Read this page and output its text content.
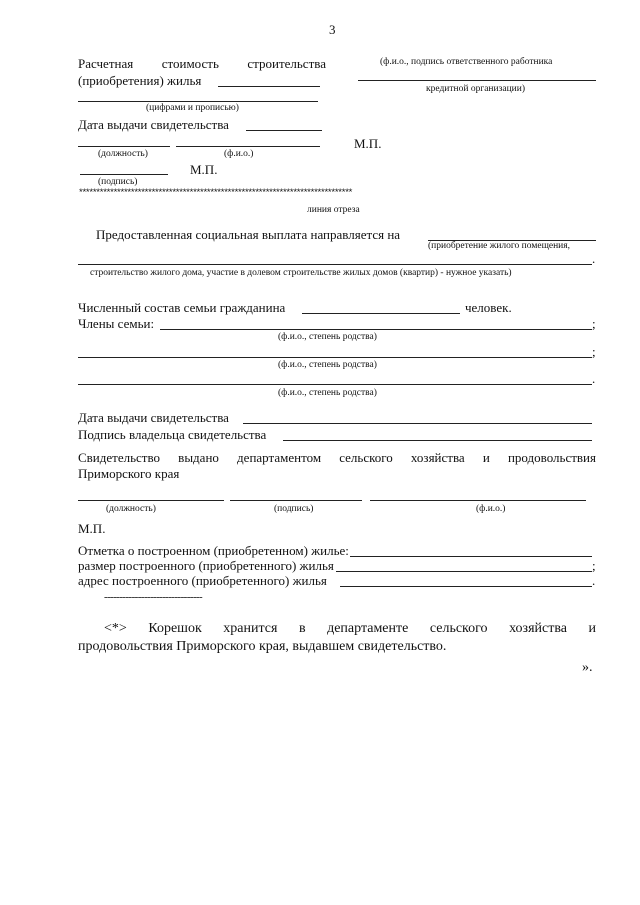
3
Расчетная стоимость строительства
(приобретения) жилья
(цифрами и прописью)
Дата выдачи свидетельства
(должность)	(ф.и.о.)
М.П.
(подпись)
(ф.и.о., подпись ответственного работника
кредитной организации)
М.П.
*******************************************************************************
линия отреза
Предоставленная социальная выплата направляется на
(приобретение жилого помещения,
.
строительство жилого дома, участие в долевом строительстве жилых домов (квартир) - нужное указать)
Численный состав семьи гражданина	человек.
Члены семьи:	;
(ф.и.о., степень родства)
;
(ф.и.о., степень родства)
.
(ф.и.о., степень родства)
Дата выдачи свидетельства
Подпись владельца свидетельства
Свидетельство выдано департаментом сельского хозяйства и продовольствия
Приморского края
(должность)	(подпись)	(ф.и.о.)
М.П.
Отметка о построенном (приобретенном) жилье:
размер построенного (приобретенного) жилья	;
адрес построенного (приобретенного) жилья	.
--------------------------------
<*> Корешок хранится в департаменте сельского хозяйства и
продовольствия Приморского края, выдавшем свидетельство.
».
